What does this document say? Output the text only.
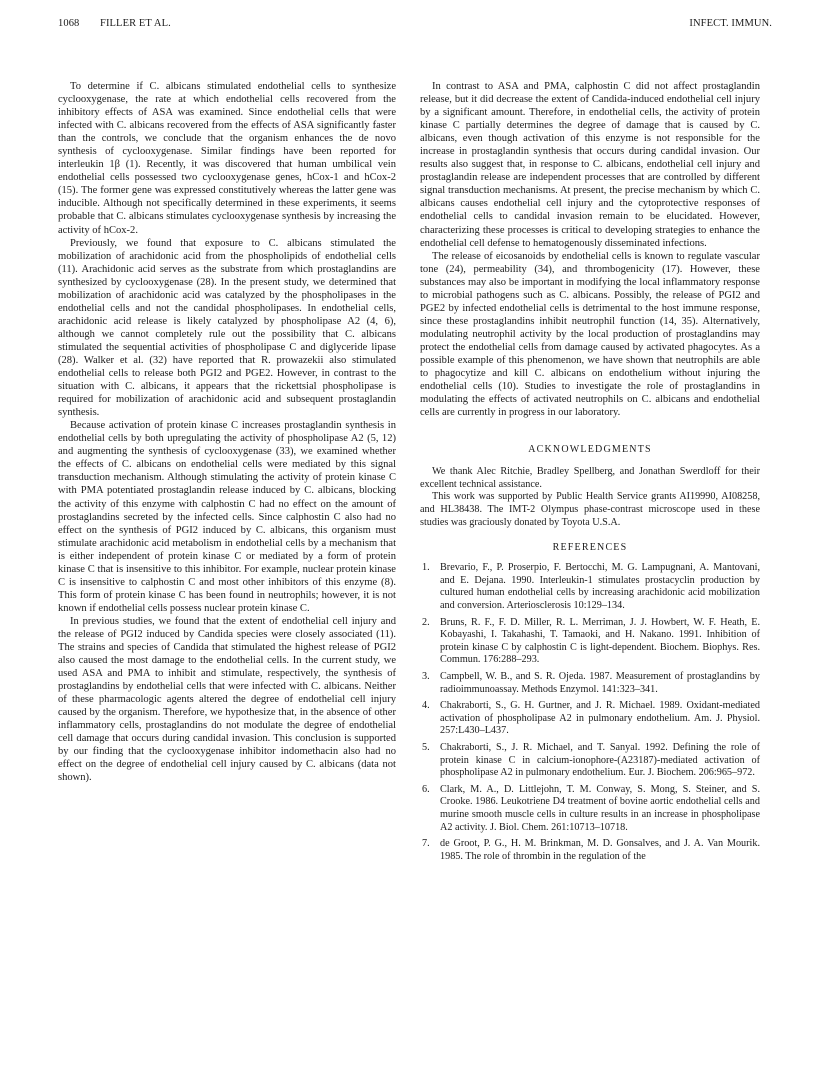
1068 FILLER ET AL.	INFECT. IMMUN.

To determine if C. albicans stimulated endothelial cells to synthesize cyclooxygenase, the rate at which endothelial cells recovered from the inhibitory effects of ASA was examined. Since endothelial cells that were infected with C. albicans recovered from the effects of ASA significantly faster than the controls, we conclude that the organism enhances the de novo synthesis of cyclooxygenase. Similar findings have been reported for interleukin 1β (1). Recently, it was discovered that human umbilical vein endothelial cells possessed two cyclooxygenase genes, hCox-1 and hCox-2 (15). The former gene was expressed constitutively whereas the latter gene was inducible. Although not specifically determined in these experiments, it seems probable that C. albicans stimulates cyclooxygenase synthesis by increasing the activity of hCox-2.

Previously, we found that exposure to C. albicans stimulated the mobilization of arachidonic acid from the phospholipids of endothelial cells (11). Arachidonic acid serves as the substrate from which prostaglandins are synthesized by cyclooxygenase (28). In the present study, we determined that mobilization of arachidonic acid was catalyzed by the phospholipases in the endothelial cells and not the candidal phospholipases. In endothelial cells, arachidonic acid release is likely catalyzed by phospholipase A2 (4, 6), although we cannot completely rule out the possibility that C. albicans stimulated the sequential activities of phospholipase C and diglyceride lipase (28). Walker et al. (32) have reported that R. prowazekii also stimulated endothelial cells to release both PGI2 and PGE2. However, in contrast to the situation with C. albicans, it appears that the rickettsial phospholipase is required for mobilization of arachidonic acid and subsequent prostaglandin synthesis.

Because activation of protein kinase C increases prostaglandin synthesis in endothelial cells by both upregulating the activity of phospholipase A2 (5, 12) and augmenting the synthesis of cyclooxygenase (33), we examined whether the effects of C. albicans on endothelial cells were mediated by this signal transduction mechanism. Although stimulating the activity of protein kinase C with PMA potentiated prostaglandin release induced by C. albicans, blocking the activity of this enzyme with calphostin C had no effect on the amount of prostaglandins secreted by the infected cells. Since calphostin C also had no effect on the synthesis of PGI2 induced by C. albicans, this organism must stimulate arachidonic acid metabolism in endothelial cells by a mechanism that is either independent of protein kinase C or mediated by a form of protein kinase C that is insensitive to this inhibitor. For example, nuclear protein kinase C is insensitive to calphostin C and most other inhibitors of this enzyme (8). This form of protein kinase C has been found in neutrophils; however, it is not known if endothelial cells possess nuclear protein kinase C.

In previous studies, we found that the extent of endothelial cell injury and the release of PGI2 induced by Candida species were closely associated (11). The strains and species of Candida that stimulated the highest release of PGI2 also caused the most damage to the endothelial cells. In the current study, we used ASA and PMA to inhibit and stimulate, respectively, the synthesis of prostaglandins by endothelial cells that were infected with C. albicans. Neither of these pharmacologic agents altered the degree of endothelial cell injury caused by the organism. Therefore, we hypothesize that, in the absence of other inflammatory cells, prostaglandins do not modulate the degree of endothelial cell damage that occurs during candidal invasion. This conclusion is supported by our finding that the cyclooxygenase inhibitor indomethacin also had no effect on the degree of endothelial cell injury caused by C. albicans (data not shown).

In contrast to ASA and PMA, calphostin C did not affect prostaglandin release, but it did decrease the extent of Candida-induced endothelial cell injury by a significant amount. Therefore, in endothelial cells, the activity of protein kinase C partially determines the degree of damage that is caused by C. albicans, even though activation of this enzyme is not responsible for the increase in prostaglandin synthesis that occurs during candidal invasion. Our results also suggest that, in response to C. albicans, endothelial cell injury and prostaglandin release are independent processes that are controlled by different signal transduction mechanisms. At present, the precise mechanism by which C. albicans causes endothelial cell injury and the cytoprotective responses of endothelial cells to candidal invasion remain to be elucidated. However, characterizing these processes is critical to developing strategies to enhance the endothelial cell defense to hematogenously disseminated infections.

The release of eicosanoids by endothelial cells is known to regulate vascular tone (24), permeability (34), and thrombogenicity (17). However, these substances may also be important in modifying the local inflammatory response to microbial pathogens such as C. albicans. Possibly, the release of PGI2 and PGE2 by infected endothelial cells is detrimental to the host immune response, since these prostaglandins inhibit neutrophil function (14, 35). Alternatively, modulating neutrophil activity by the local production of prostaglandins may protect the endothelial cells from damage caused by activated phagocytes. As a possible example of this phenomenon, we have shown that neutrophils are able to phagocytize and kill C. albicans on endothelium without injuring the endothelial cells (10). Studies to investigate the role of prostaglandins in modulating the effects of activated neutrophils on C. albicans and endothelial cells are currently in progress in our laboratory.

ACKNOWLEDGMENTS

We thank Alec Ritchie, Bradley Spellberg, and Jonathan Swerdloff for their excellent technical assistance.

This work was supported by Public Health Service grants AI19990, AI08258, and HL38438. The IMT-2 Olympus phase-contrast microscope used in these studies was graciously donated by Toyota U.S.A.

REFERENCES
1. Brevario, F., P. Proserpio, F. Bertocchi, M. G. Lampugnani, A. Mantovani, and E. Dejana. 1990. Interleukin-1 stimulates prostacyclin production by cultured human endothelial cells by increasing arachidonic acid mobilization and conversion. Arteriosclerosis 10:129–134.
2. Bruns, R. F., F. D. Miller, R. L. Merriman, J. J. Howbert, W. F. Heath, E. Kobayashi, I. Takahashi, T. Tamaoki, and H. Nakano. 1991. Inhibition of protein kinase C by calphostin C is light-dependent. Biochem. Biophys. Res. Commun. 176:288–293.
3. Campbell, W. B., and S. R. Ojeda. 1987. Measurement of prostaglandins by radioimmunoassay. Methods Enzymol. 141:323–341.
4. Chakraborti, S., G. H. Gurtner, and J. R. Michael. 1989. Oxidant-mediated activation of phospholipase A2 in pulmonary endothelium. Am. J. Physiol. 257:L430–L437.
5. Chakraborti, S., J. R. Michael, and T. Sanyal. 1992. Defining the role of protein kinase C in calcium-ionophore-(A23187)-mediated activation of phospholipase A2 in pulmonary endothelium. Eur. J. Biochem. 206:965–972.
6. Clark, M. A., D. Littlejohn, T. M. Conway, S. Mong, S. Steiner, and S. Crooke. 1986. Leukotriene D4 treatment of bovine aortic endothelial cells and murine smooth muscle cells in culture results in an increase in phospholipase A2 activity. J. Biol. Chem. 261:10713–10718.
7. de Groot, P. G., H. M. Brinkman, M. D. Gonsalves, and J. A. Van Mourik. 1985. The role of thrombin in the regulation of the
